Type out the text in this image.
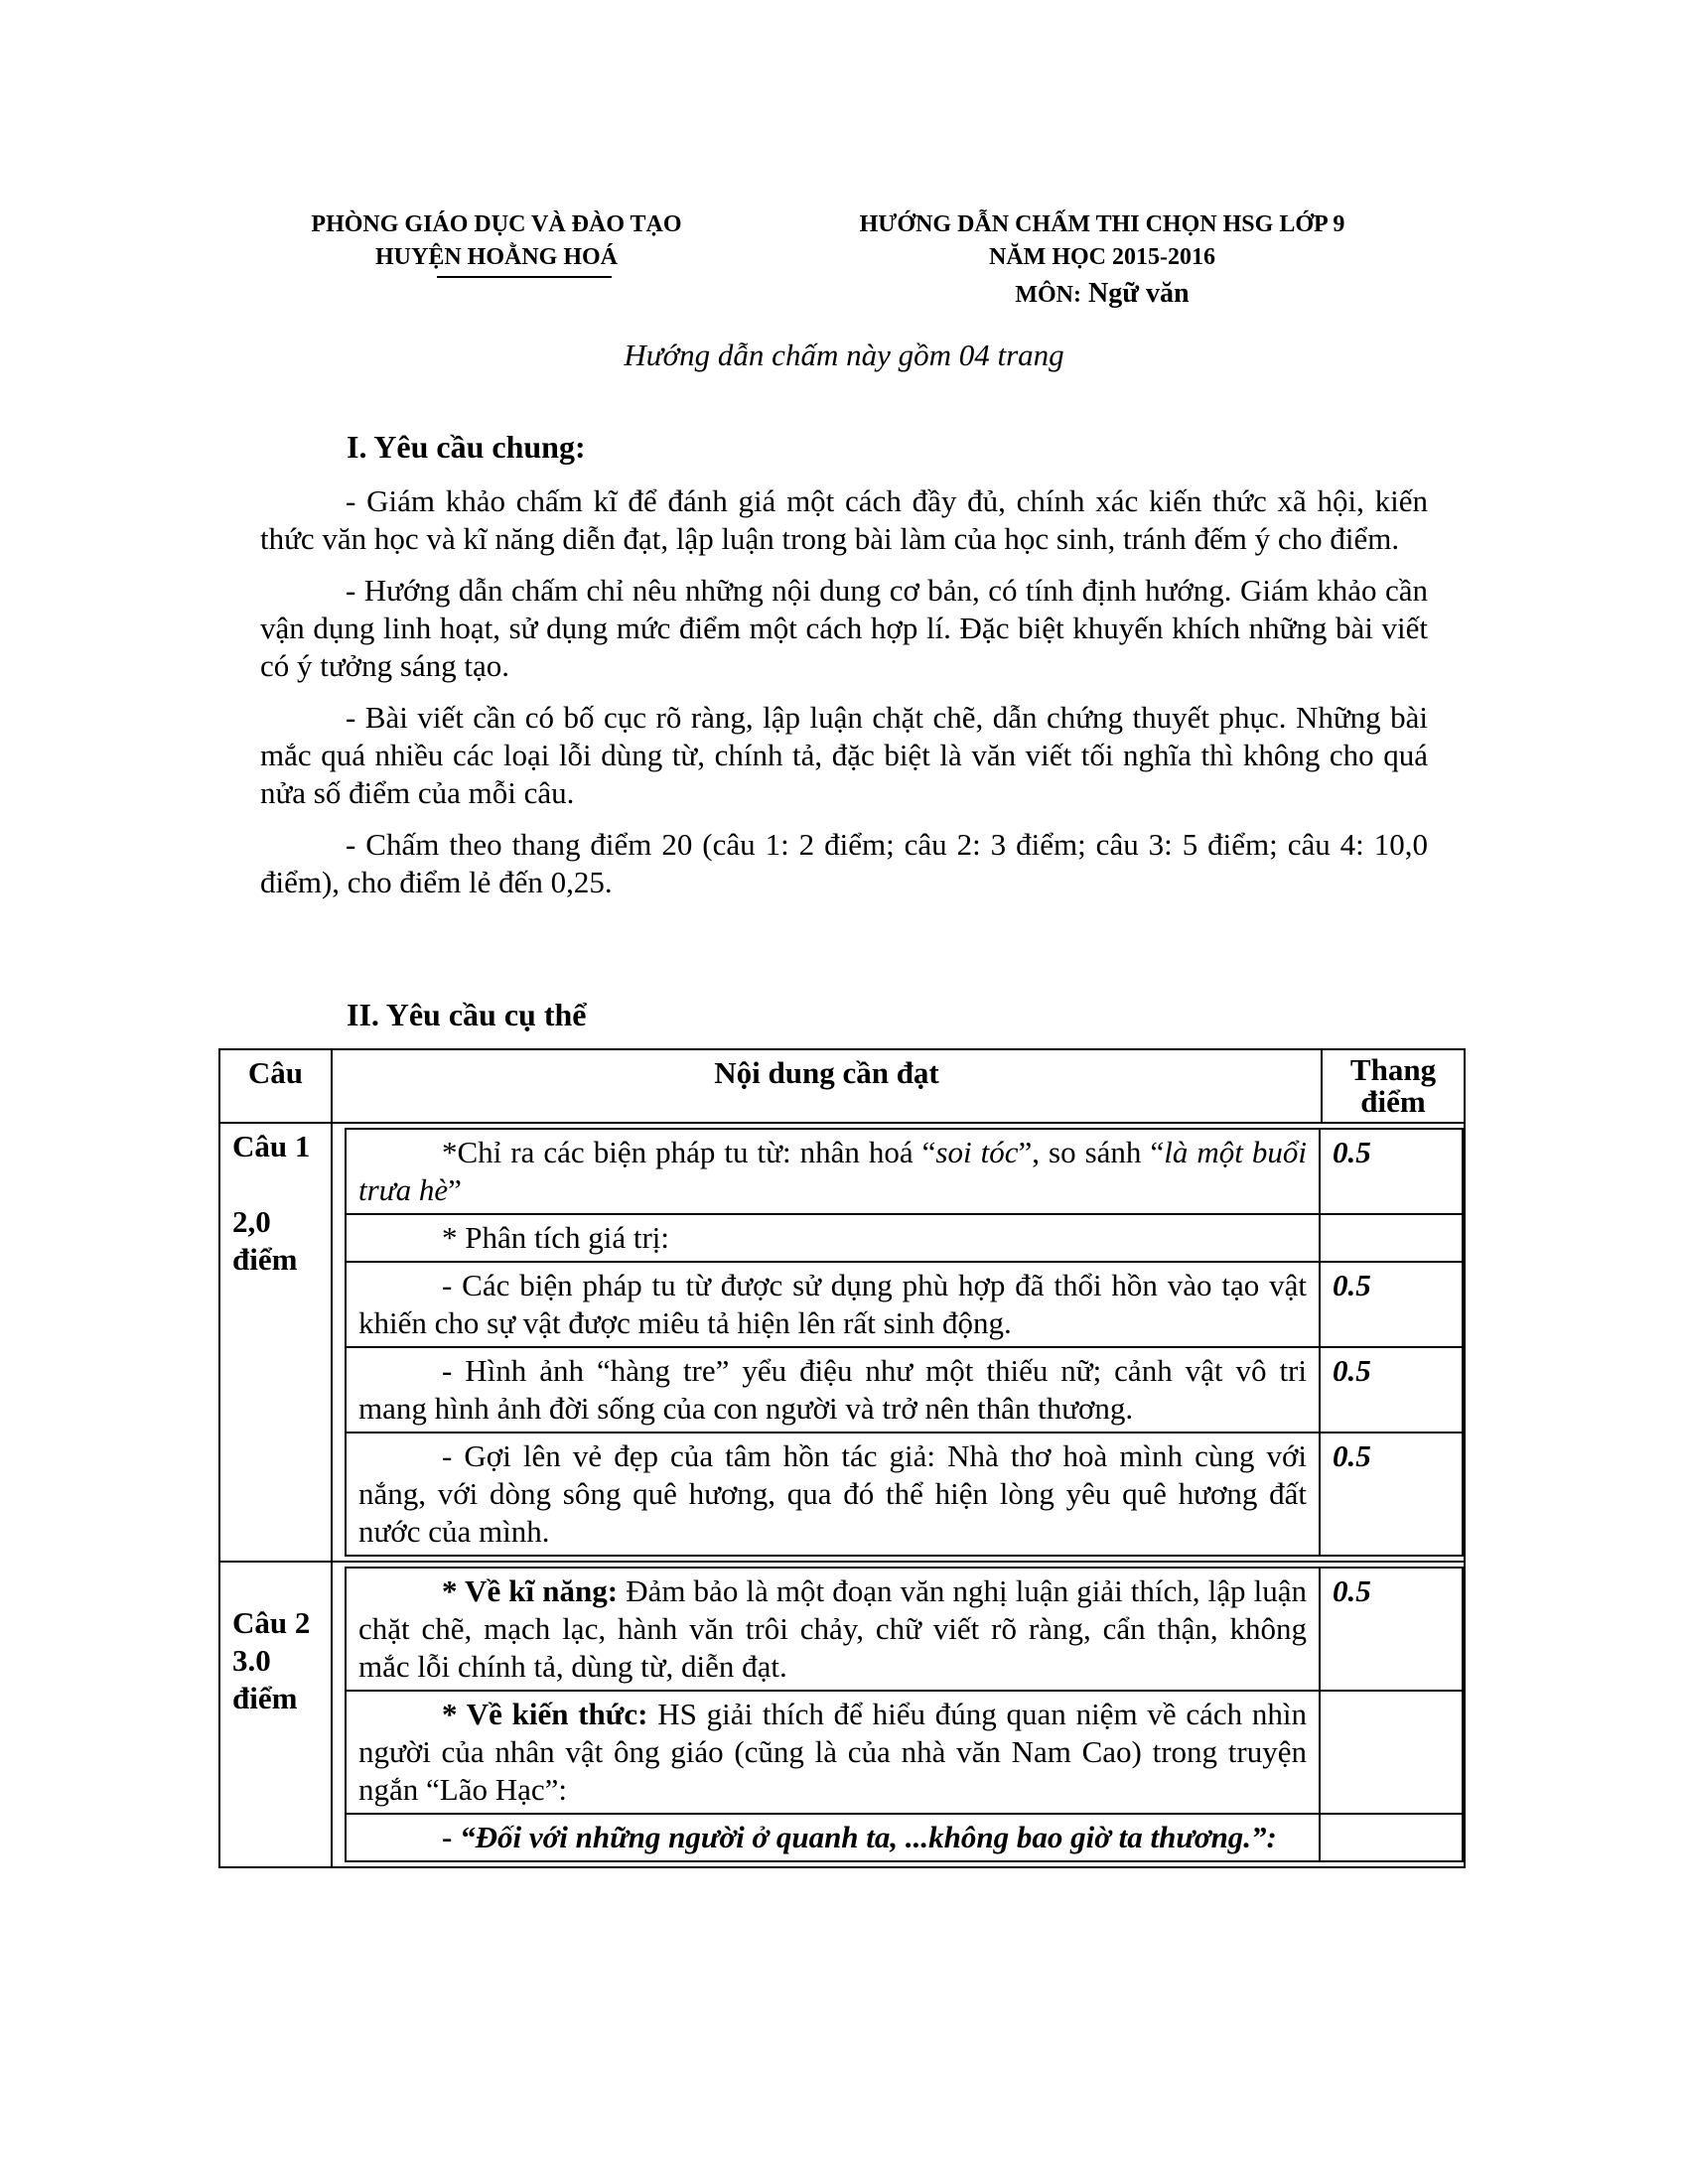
PHÒNG GIÁO DỤC VÀ ĐÀO TẠO
HUYỆN HOẰNG HOÁ
HƯỚNG DẪN CHẤM THI CHỌN HSG LỚP 9
NĂM HỌC 2015-2016
MÔN: Ngữ văn
Hướng dẫn chấm này gồm 04 trang
I. Yêu cầu chung:

- Giám khảo chấm kĩ để đánh giá một cách đầy đủ, chính xác kiến thức xã hội, kiến thức văn học và kĩ năng diễn đạt, lập luận trong bài làm của học sinh, tránh đếm ý cho điểm.

- Hướng dẫn chấm chỉ nêu những nội dung cơ bản, có tính định hướng. Giám khảo cần vận dụng linh hoạt, sử dụng mức điểm một cách hợp lí. Đặc biệt khuyến khích những bài viết có ý tưởng sáng tạo.

- Bài viết cần có bố cục rõ ràng, lập luận chặt chẽ, dẫn chứng thuyết phục. Những bài mắc quá nhiều các loại lỗi dùng từ, chính tả, đặc biệt là văn viết tối nghĩa thì không cho quá nửa số điểm của mỗi câu.

- Chấm theo thang điểm 20 (câu 1: 2 điểm; câu 2: 3 điểm; câu 3: 5 điểm; câu 4: 10,0 điểm), cho điểm lẻ đến 0,25.

II. Yêu cầu cụ thể
Câu	Nội dung cần đạt	Thang điểm

Câu 1
2,0 điểm

*Chỉ ra các biện pháp tu từ: nhân hoá “soi tóc”, so sánh “là một buổi trưa hè”	0.5
* Phân tích giá trị:	
- Các biện pháp tu từ được sử dụng phù hợp đã thổi hồn vào tạo vật khiến cho sự vật được miêu tả hiện lên rất sinh động.	0.5
- Hình ảnh “hàng tre” yểu điệu như một thiếu nữ; cảnh vật vô tri mang hình ảnh đời sống của con người và trở nên thân thương.	0.5
- Gợi lên vẻ đẹp của tâm hồn tác giả: Nhà thơ hoà mình cùng với nắng, với dòng sông quê hương, qua đó thể hiện lòng yêu quê hương đất nước của mình.	0.5

Câu 2
3.0 điểm

* Về kĩ năng: Đảm bảo là một đoạn văn nghị luận giải thích, lập luận chặt chẽ, mạch lạc, hành văn trôi chảy, chữ viết rõ ràng, cẩn thận, không mắc lỗi chính tả, dùng từ, diễn đạt.	0.5
* Về kiến thức: HS giải thích để hiểu đúng quan niệm về cách nhìn người của nhân vật ông giáo (cũng là của nhà văn Nam Cao) trong truyện ngắn “Lão Hạc”:	
- “Đối với những người ở quanh ta, ...không bao giờ ta thương.”:	
